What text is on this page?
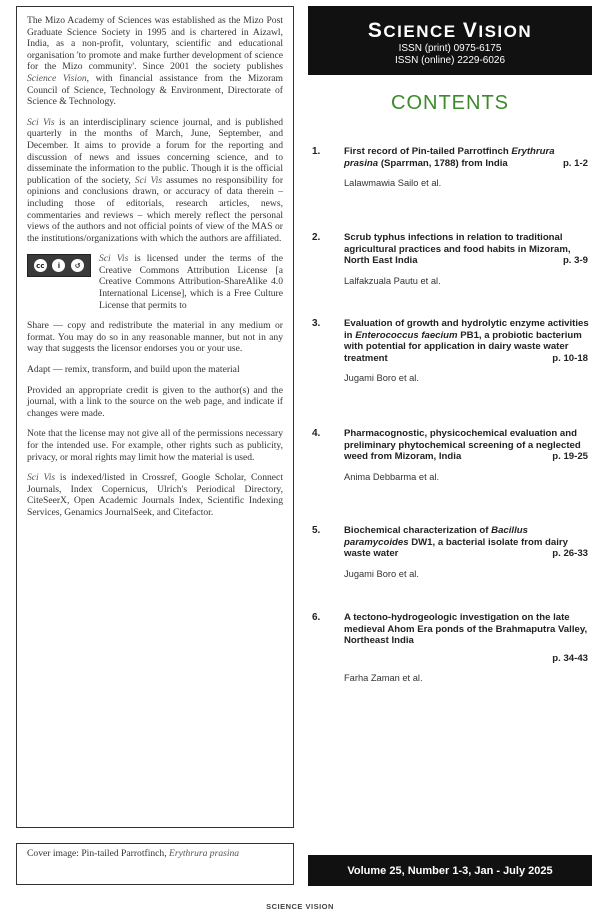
The Mizo Academy of Sciences was established as the Mizo Post Graduate Science Society in 1995 and is chartered in Aizawl, India, as a non-profit, voluntary, scientific and educational organisation 'to promote and make further development of science for the Mizo community'. Since 2001 the society publishes Science Vision, with financial assistance from the Mizoram Council of Science, Technology & Environment, Directorate of Science & Technology.

Sci Vis is an interdisciplinary science journal, and is published quarterly in the months of March, June, September, and December. It aims to provide a forum for the reporting and discussion of news and issues concerning science, and to disseminate the information to the public. Though it is the official publication of the society, Sci Vis assumes no responsibility for opinions and conclusions drawn, or accuracy of data therein – including those of editorials, research articles, news, commentaries and reviews – which merely reflect the personal views of the authors and not official points of view of the MAS or the institutions/organizations with which the authors are affiliated.

cc	i	↺

Sci Vis is licensed under the terms of the Creative Commons Attribution License [a Creative Commons Attribution-ShareAlike 4.0 International License], which is a Free Culture License that permits to

Share — copy and redistribute the material in any medium or format. You may do so in any reasonable manner, but not in any way that suggests the licensor endorses you or your use.

Adapt — remix, transform, and build upon the material

Provided an appropriate credit is given to the author(s) and the journal, with a link to the source on the web page, and indicate if changes were made.

Note that the license may not give all of the permissions necessary for the intended use. For example, other rights such as publicity, privacy, or moral rights may limit how the material is used.

Sci Vis is indexed/listed in Crossref, Google Scholar, Connect Journals, Index Copernicus, Ulrich's Periodical Directory, CiteSeerX, Open Academic Journals Index, Scientific Indexing Services, Genamics JournalSeek, and Citefactor.

Cover image: Pin-tailed Parrotfinch, Erythrura prasina
SCIENCE VISION
ISSN (print) 0975-6175
ISSN (online) 2229-6026
CONTENTS
1. First record of Pin-tailed Parrotfinch Erythrura prasina (Sparrman, 1788) from India	p. 1-2
Lalawmawia Sailo et al.
2. Scrub typhus infections in relation to traditional agricultural practices and food habits in Mizoram, North East India	p. 3-9
Lalfakzuala Pautu et al.
3. Evaluation of growth and hydrolytic enzyme activities in Enterococcus faecium PB1, a probiotic bacterium with potential for application in dairy waste water treatment	p. 10-18
Jugami Boro et al.
4. Pharmacognostic, physicochemical evaluation and preliminary phytochemical screening of a neglected weed from Mizoram, India	p. 19-25
Anima Debbarma et al.
5. Biochemical characterization of Bacillus paramycoides DW1, a bacterial isolate from dairy waste water	p. 26-33
Jugami Boro et al.
6. A tectono-hydrogeologic investigation on the late medieval Ahom Era ponds of the Brahmaputra Valley, Northeast India
p. 34-43
Farha Zaman et al.
Volume 25, Number 1-3, Jan - July 2025
SCIENCE VISION
